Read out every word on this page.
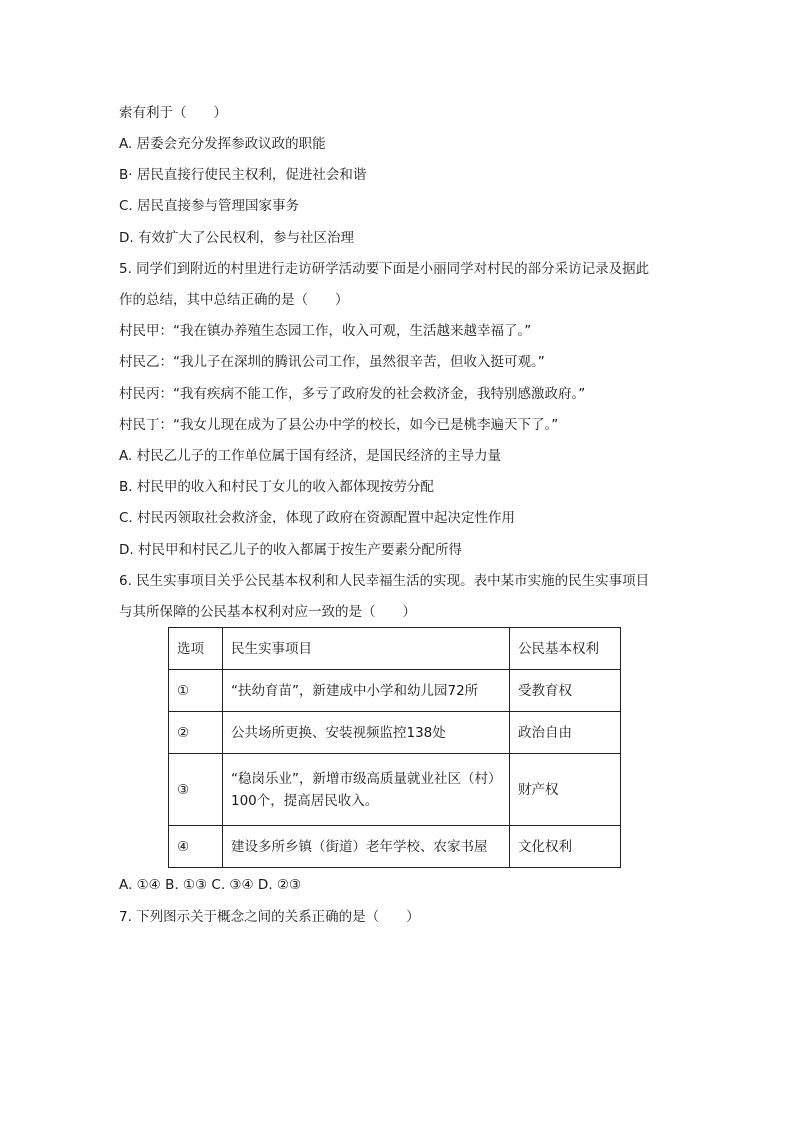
索有利于（　　）
A. 居委会充分发挥参政议政的职能
B· 居民直接行使民主权利，促进社会和谐
C. 居民直接参与管理国家事务
D. 有效扩大了公民权利，参与社区治理
5. 同学们到附近的村里进行走访研学活动要下面是小丽同学对村民的部分采访记录及据此
作的总结，其中总结正确的是（　　）
村民甲：“我在镇办养殖生态园工作，收入可观，生活越来越幸福了。”
村民乙：“我儿子在深圳的腾讯公司工作，虽然很辛苦，但收入挺可观。”
村民丙：“我有疾病不能工作，多亏了政府发的社会救济金，我特别感激政府。”
村民丁：“我女儿现在成为了县公办中学的校长，如今已是桃李遍天下了。”
A. 村民乙儿子的工作单位属于国有经济，是国民经济的主导力量
B. 村民甲的收入和村民丁女儿的收入都体现按劳分配
C. 村民丙领取社会救济金，体现了政府在资源配置中起决定性作用
D. 村民甲和村民乙儿子的收入都属于按生产要素分配所得
6. 民生实事项目关乎公民基本权利和人民幸福生活的实现。表中某市实施的民生实事项目
与其所保障的公民基本权利对应一致的是（　　）
选项	民生实事项目	公民基本权利
①	“扶幼育苗”，新建成中小学和幼儿园72所	受教育权
②	公共场所更换、安装视频监控138处	政治自由
③	“稳岗乐业”，新增市级高质量就业社区（村）
100个，提高居民收入。	财产权
④	建设多所乡镇（街道）老年学校、农家书屋	文化权利
A. ①④ B. ①③ C. ③④ D. ②③
7. 下列图示关于概念之间的关系正确的是（　　）
